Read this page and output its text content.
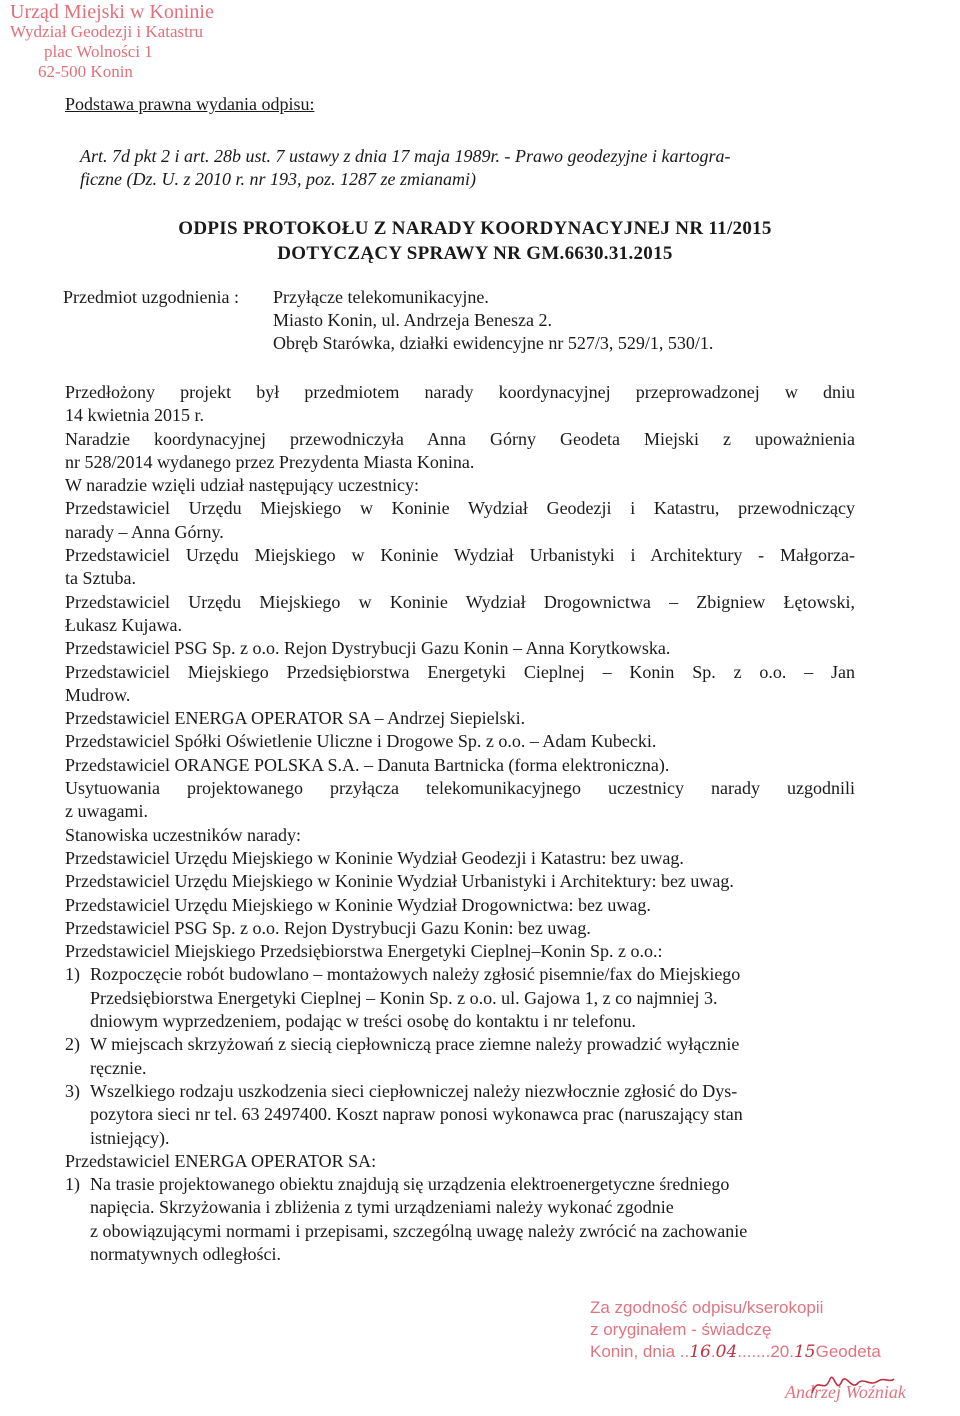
Urząd Miejski w Koninie
Wydział Geodezji i Katastru
plac Wolności 1
62-500 Konin
Podstawa prawna wydania odpisu:
Art. 7d pkt 2 i art. 28b ust. 7 ustawy z dnia 17 maja 1989r. - Prawo geodezyjne i kartogra-
ficzne (Dz. U. z 2010 r. nr 193, poz. 1287 ze zmianami)
ODPIS PROTOKOŁU Z NARADY KOORDYNACYJNEJ NR 11/2015
DOTYCZĄCY SPRAWY NR GM.6630.31.2015
Przedmiot uzgodnienia : Przyłącze telekomunikacyjne.
Miasto Konin, ul. Andrzeja Benesza 2.
Obręb Starówka, działki ewidencyjne nr 527/3, 529/1, 530/1.
Przedłożony projekt był przedmiotem narady koordynacyjnej przeprowadzonej w dniu
14 kwietnia 2015 r.
Naradzie koordynacyjnej przewodniczyła Anna Górny Geodeta Miejski z upoważnienia
nr 528/2014 wydanego przez Prezydenta Miasta Konina.
W naradzie wzięli udział następujący uczestnicy:
Przedstawiciel Urzędu Miejskiego w Koninie Wydział Geodezji i Katastru, przewodniczący
narady – Anna Górny.
Przedstawiciel Urzędu Miejskiego w Koninie Wydział Urbanistyki i Architektury - Małgorza-
ta Sztuba.
Przedstawiciel Urzędu Miejskiego w Koninie Wydział Drogownictwa – Zbigniew Łętowski,
Łukasz Kujawa.
Przedstawiciel PSG Sp. z o.o. Rejon Dystrybucji Gazu Konin – Anna Korytkowska.
Przedstawiciel Miejskiego Przedsiębiorstwa Energetyki Cieplnej – Konin Sp. z o.o. – Jan
Mudrow.
Przedstawiciel ENERGA OPERATOR SA – Andrzej Siepielski.
Przedstawiciel Spółki Oświetlenie Uliczne i Drogowe Sp. z o.o. – Adam Kubecki.
Przedstawiciel ORANGE POLSKA S.A. – Danuta Bartnicka (forma elektroniczna).
Usytuowania projektowanego przyłącza telekomunikacyjnego uczestnicy narady uzgodnili
z uwagami.
Stanowiska uczestników narady:
Przedstawiciel Urzędu Miejskiego w Koninie Wydział Geodezji i Katastru: bez uwag.
Przedstawiciel Urzędu Miejskiego w Koninie Wydział Urbanistyki i Architektury: bez uwag.
Przedstawiciel Urzędu Miejskiego w Koninie Wydział Drogownictwa: bez uwag.
Przedstawiciel PSG Sp. z o.o. Rejon Dystrybucji Gazu Konin: bez uwag.
Przedstawiciel Miejskiego Przedsiębiorstwa Energetyki Cieplnej–Konin Sp. z o.o.:
1) Rozpoczęcie robót budowlano – montażowych należy zgłosić pisemnie/fax do Miejskiego
Przedsiębiorstwa Energetyki Cieplnej – Konin Sp. z o.o. ul. Gajowa 1, z co najmniej 3.
dniowym wyprzedzeniem, podając w treści osobę do kontaktu i nr telefonu.
2) W miejscach skrzyżowań z siecią ciepłowniczą prace ziemne należy prowadzić wyłącznie
ręcznie.
3) Wszelkiego rodzaju uszkodzenia sieci ciepłowniczej należy niezwłocznie zgłosić do Dys-
pozytora sieci nr tel. 63 2497400. Koszt napraw ponosi wykonawca prac (naruszający stan
istniejący).
Przedstawiciel ENERGA OPERATOR SA:
1) Na trasie projektowanego obiektu znajdują się urządzenia elektroenergetyczne średniego
napięcia. Skrzyżowania i zbliżenia z tymi urządzeniami należy wykonać zgodnie
z obowiązującymi normami i przepisami, szczególną uwagę należy zwrócić na zachowanie
normatywnych odległości.
Za zgodność odpisu/kserokopii
z oryginałem - świadczę
Konin, dnia ..16.04.......20.15Geodeta
Andrzej Woźniak
